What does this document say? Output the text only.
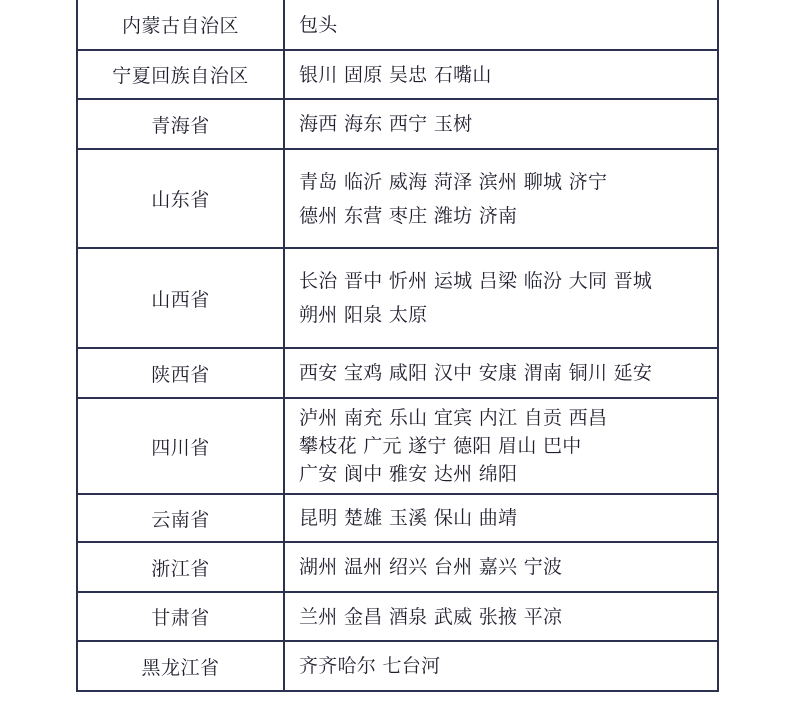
内蒙古自治区	包头

宁夏回族自治区	银川 固原 吴忠 石嘴山

青海省	海西 海东 西宁 玉树

山东省	青岛 临沂 威海 菏泽 滨州 聊城 济宁
德州 东营 枣庄 潍坊 济南

山西省	长治 晋中 忻州 运城 吕梁 临汾 大同 晋城
朔州 阳泉 太原

陕西省	西安 宝鸡 咸阳 汉中 安康 渭南 铜川 延安

四川省	泸州 南充 乐山 宜宾 内江 自贡 西昌
攀枝花 广元 遂宁 德阳 眉山 巴中
广安 阆中 雅安 达州 绵阳

云南省	昆明 楚雄 玉溪 保山 曲靖

浙江省	湖州 温州 绍兴 台州 嘉兴 宁波

甘肃省	兰州 金昌 酒泉 武威 张掖 平凉

黑龙江省	齐齐哈尔 七台河
